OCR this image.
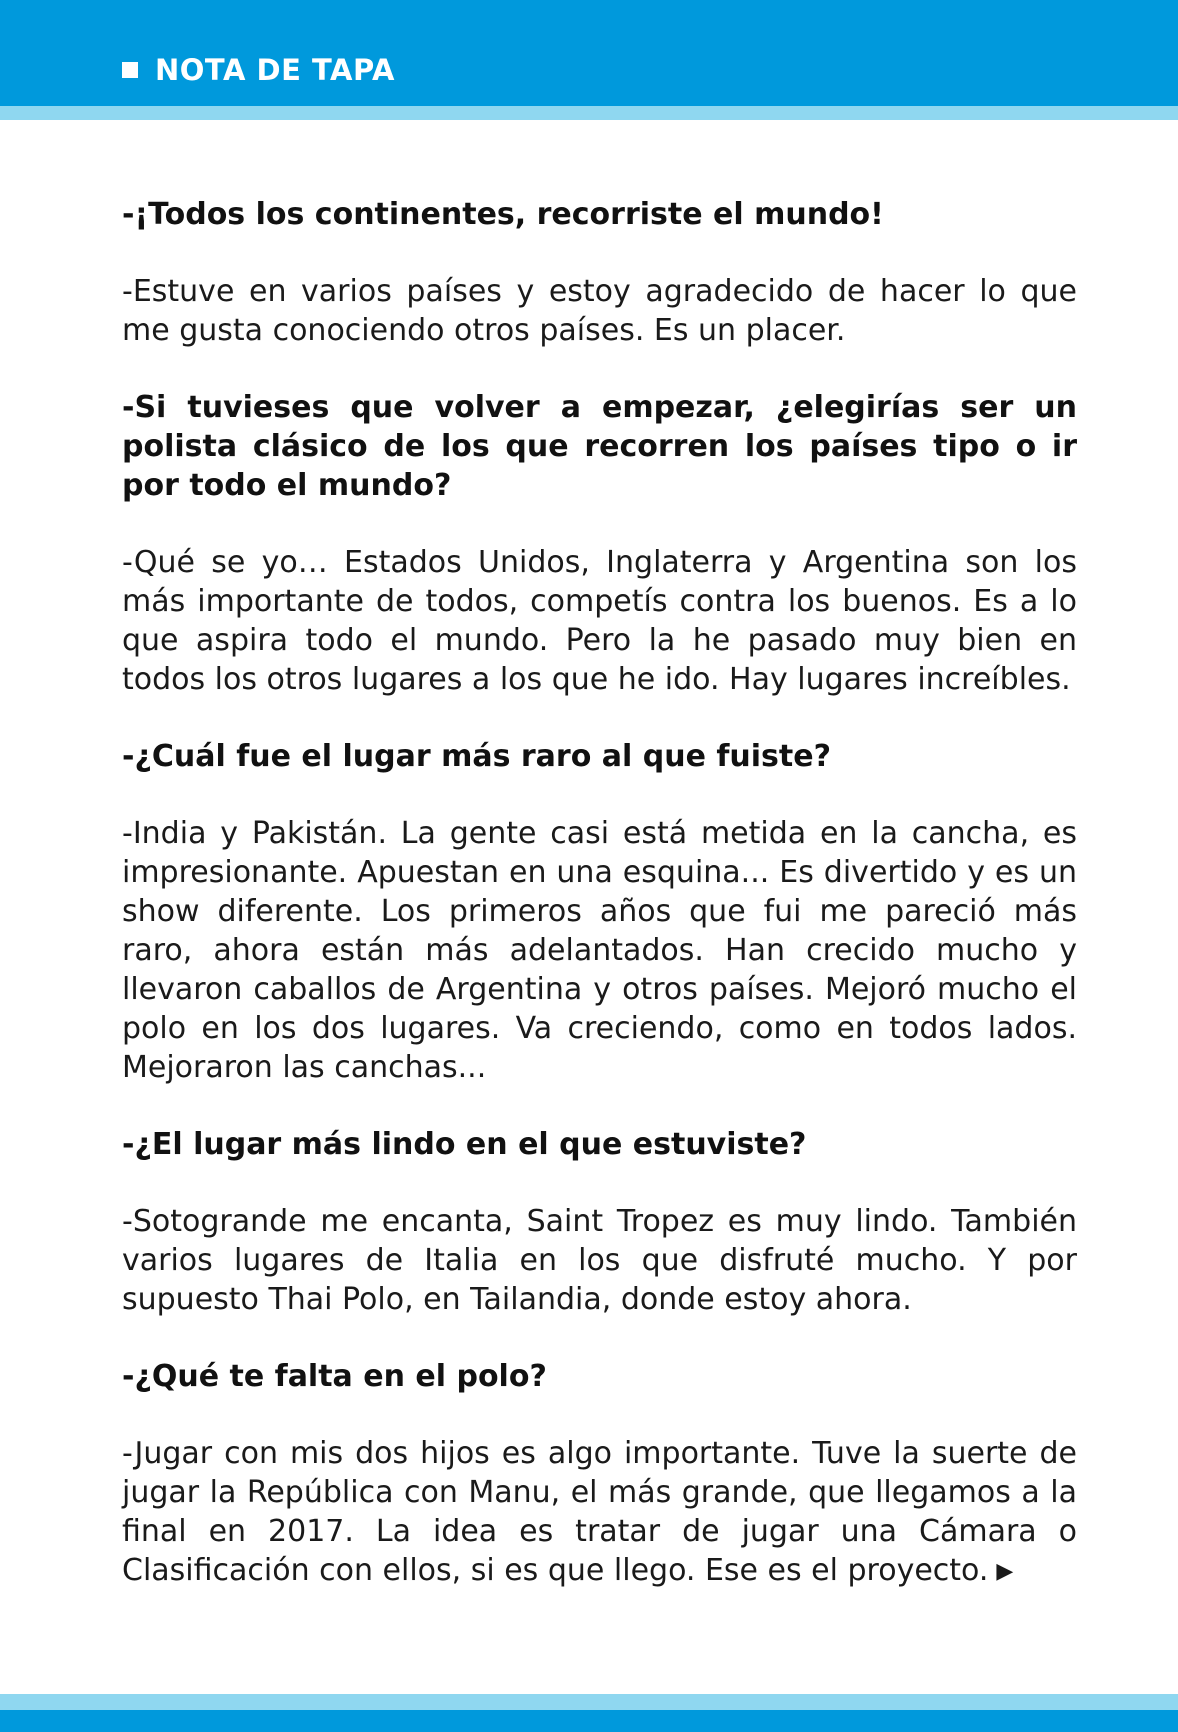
NOTA DE TAPA

-¡Todos los continentes, recorriste el mundo!

-Estuve en varios países y estoy agradecido de hacer lo que me gusta conociendo otros países. Es un placer.

-Si tuvieses que volver a empezar, ¿elegirías ser un polista clásico de los que recorren los países tipo o ir por todo el mundo?

-Qué se yo… Estados Unidos, Inglaterra y Argentina son los más importante de todos, competís contra los buenos. Es a lo que aspira todo el mundo. Pero la he pasado muy bien en todos los otros lugares a los que he ido. Hay lugares increíbles.

-¿Cuál fue el lugar más raro al que fuiste?

-India y Pakistán. La gente casi está metida en la cancha, es impresionante. Apuestan en una esquina... Es divertido y es un show diferente. Los primeros años que fui me pareció más raro, ahora están más adelantados. Han crecido mucho y llevaron caballos de Argentina y otros países. Mejoró mucho el polo en los dos lugares. Va creciendo, como en todos lados. Mejoraron las canchas...

-¿El lugar más lindo en el que estuviste?

-Sotogrande me encanta, Saint Tropez es muy lindo. También varios lugares de Italia en los que disfruté mucho. Y por supuesto Thai Polo, en Tailandia, donde estoy ahora.

-¿Qué te falta en el polo?

-Jugar con mis dos hijos es algo importante. Tuve la suerte de jugar la República con Manu, el más grande, que llegamos a la final en 2017. La idea es tratar de jugar una Cámara o Clasificación con ellos, si es que llego. Ese es el proyecto. ▶
